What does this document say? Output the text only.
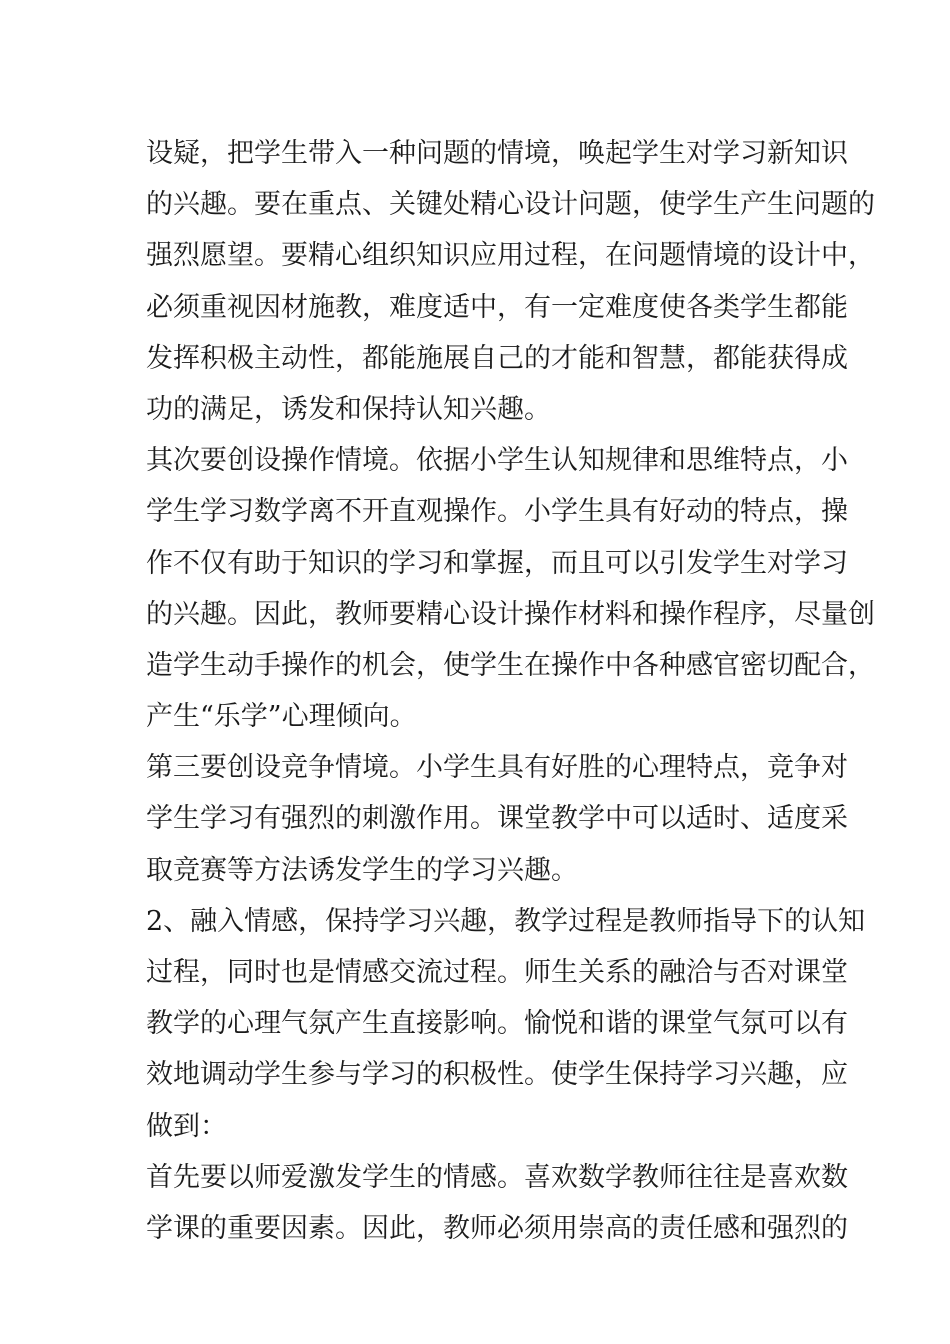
设疑，把学生带入一种问题的情境，唤起学生对学习新知识
的兴趣。要在重点、关键处精心设计问题，使学生产生问题的
强烈愿望。要精心组织知识应用过程，在问题情境的设计中，
必须重视因材施教，难度适中，有一定难度使各类学生都能
发挥积极主动性，都能施展自己的才能和智慧，都能获得成
功的满足，诱发和保持认知兴趣。
其次要创设操作情境。依据小学生认知规律和思维特点，小
学生学习数学离不开直观操作。小学生具有好动的特点，操
作不仅有助于知识的学习和掌握，而且可以引发学生对学习
的兴趣。因此，教师要精心设计操作材料和操作程序，尽量创
造学生动手操作的机会，使学生在操作中各种感官密切配合，
产生“乐学”心理倾向。
第三要创设竞争情境。小学生具有好胜的心理特点，竞争对
学生学习有强烈的刺激作用。课堂教学中可以适时、适度采
取竞赛等方法诱发学生的学习兴趣。
2、融入情感，保持学习兴趣，教学过程是教师指导下的认知
过程，同时也是情感交流过程。师生关系的融洽与否对课堂
教学的心理气氛产生直接影响。愉悦和谐的课堂气氛可以有
效地调动学生参与学习的积极性。使学生保持学习兴趣，应
做到：
首先要以师爱激发学生的情感。喜欢数学教师往往是喜欢数
学课的重要因素。因此，教师必须用崇高的责任感和强烈的
